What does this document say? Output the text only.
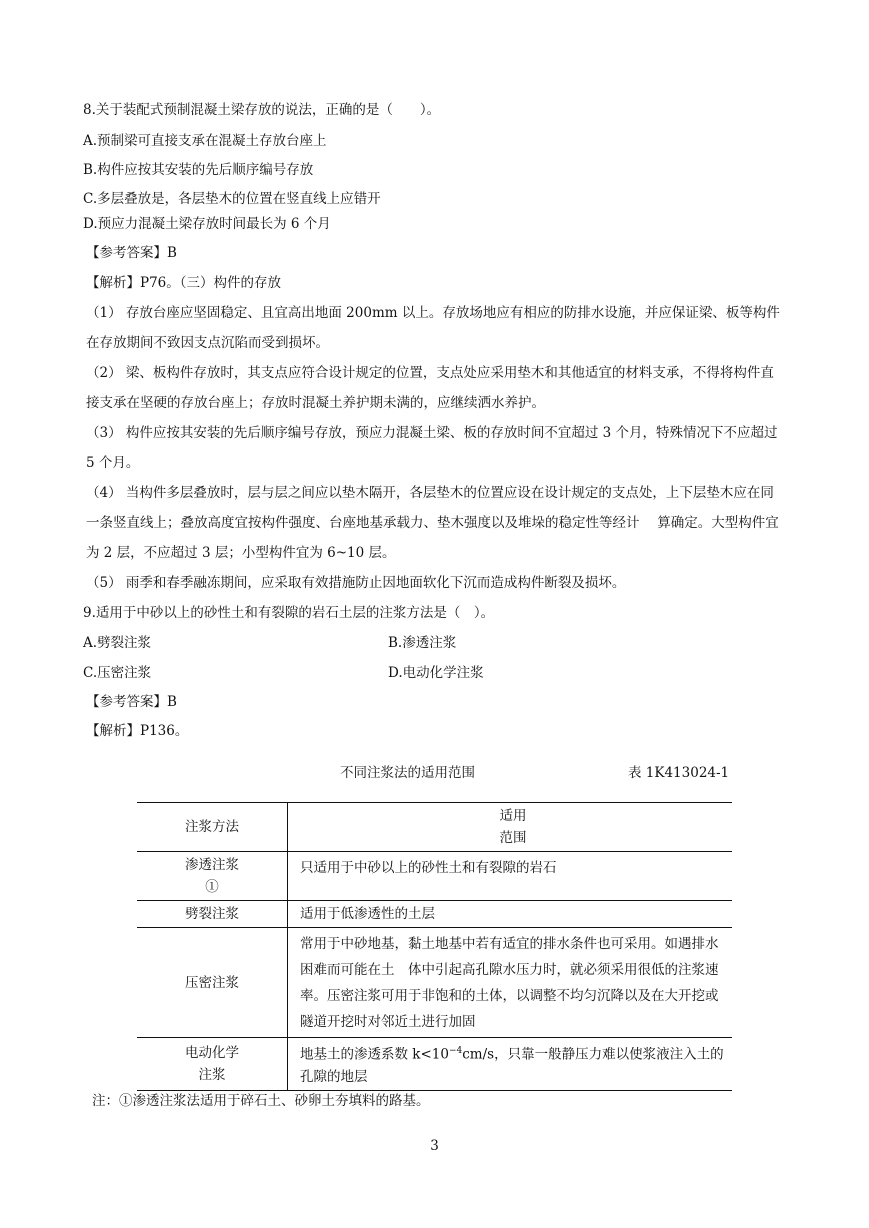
8.关于装配式预制混凝土梁存放的说法，正确的是（　　）。
A.预制梁可直接支承在混凝土存放台座上
B.构件应按其安装的先后顺序编号存放
C.多层叠放是，各层垫木的位置在竖直线上应错开
D.预应力混凝土梁存放时间最长为 6 个月
【参考答案】B
【解析】P76。（三）构件的存放
（1） 存放台座应坚固稳定、且宜高出地面 200mm 以上。存放场地应有相应的防排水设施，并应保证梁、板等构件在存放期间不致因支点沉陷而受到损坏。
（2） 梁、板构件存放时，其支点应符合设计规定的位置，支点处应采用垫木和其他适宜的材料支承，不得将构件直接支承在坚硬的存放台座上；存放时混凝土养护期未满的，应继续洒水养护。
（3） 构件应按其安装的先后顺序编号存放，预应力混凝土梁、板的存放时间不宜超过 3 个月，特殊情况下不应超过 5 个月。
（4） 当构件多层叠放时，层与层之间应以垫木隔开，各层垫木的位置应设在设计规定的支点处，上下层垫木应在同一条竖直线上；叠放高度宜按构件强度、台座地基承载力、垫木强度以及堆垛的稳定性等经计　 算确定。大型构件宜为 2 层，不应超过 3 层；小型构件宜为 6~10 层。
（5） 雨季和春季融冻期间，应采取有效措施防止因地面软化下沉而造成构件断裂及损坏。
9.适用于中砂以上的砂性土和有裂隙的岩石土层的注浆方法是（　）。
A.劈裂注浆	B.渗透注浆
C.压密注浆	D.电动化学注浆
【参考答案】B
【解析】P136。
不同注浆法的适用范围	表 1K413024-1
注浆方法	适用范围
渗透注浆①	只适用于中砂以上的砂性土和有裂隙的岩石
劈裂注浆	适用于低渗透性的土层
压密注浆	常用于中砂地基，黏土地基中若有适宜的排水条件也可采用。如遇排水困难而可能在土　体中引起高孔隙水压力时，就必须采用很低的注浆速率。压密注浆可用于非饱和的土体，以调整不均匀沉降以及在大开挖或隧道开挖时对邻近土进行加固
电动化学注浆	地基土的渗透系数 $k<10^{-4}cm/s$，只靠一般静压力难以使浆液注入土的孔隙的地层
注：①渗透注浆法适用于碎石土、砂卵土夯填料的路基。
3
